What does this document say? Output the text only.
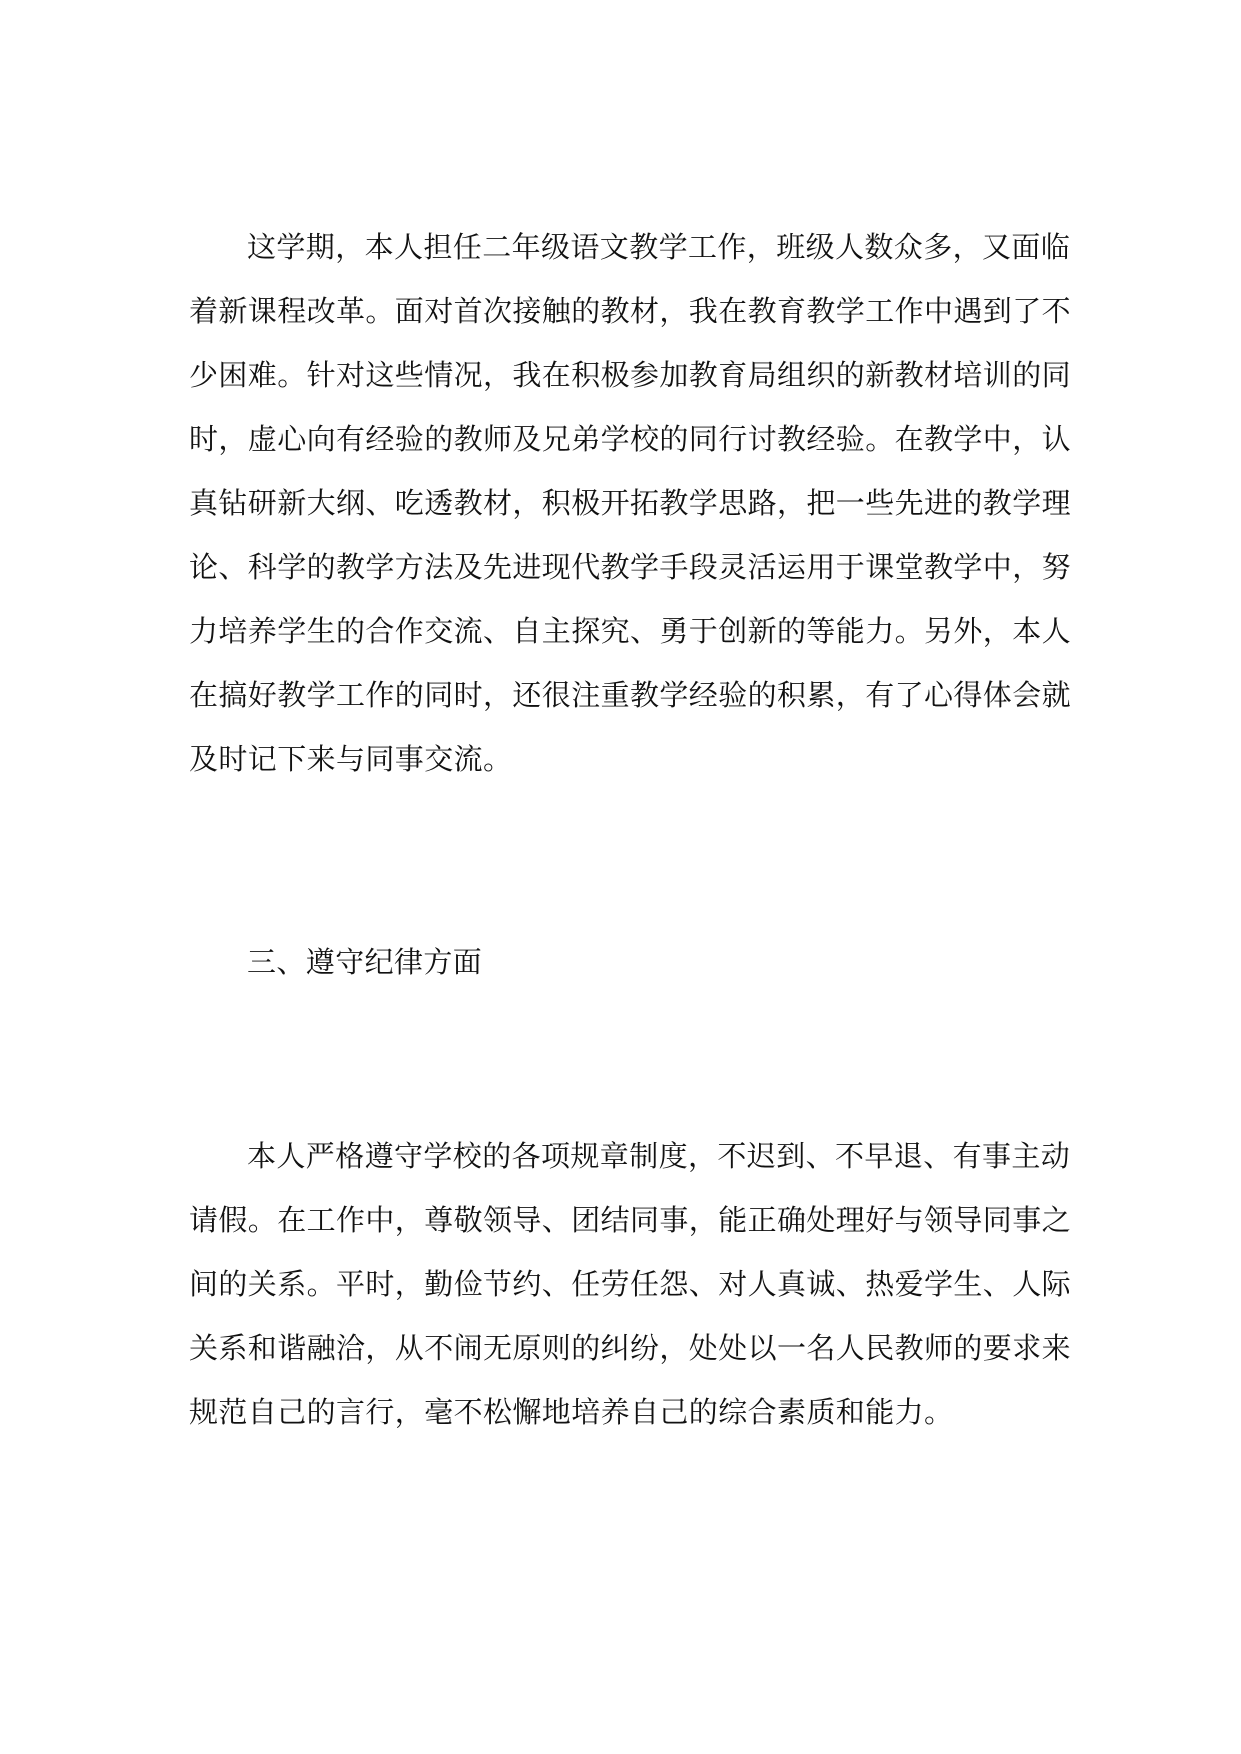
这学期，本人担任二年级语文教学工作，班级人数众多，又面临
着新课程改革。面对首次接触的教材，我在教育教学工作中遇到了不
少困难。针对这些情况，我在积极参加教育局组织的新教材培训的同
时，虚心向有经验的教师及兄弟学校的同行讨教经验。在教学中，认
真钻研新大纲、吃透教材，积极开拓教学思路，把一些先进的教学理
论、科学的教学方法及先进现代教学手段灵活运用于课堂教学中，努
力培养学生的合作交流、自主探究、勇于创新的等能力。另外，本人
在搞好教学工作的同时，还很注重教学经验的积累，有了心得体会就
及时记下来与同事交流。
三、遵守纪律方面
本人严格遵守学校的各项规章制度，不迟到、不早退、有事主动
请假。在工作中，尊敬领导、团结同事，能正确处理好与领导同事之
间的关系。平时，勤俭节约、任劳任怨、对人真诚、热爱学生、人际
关系和谐融洽，从不闹无原则的纠纷，处处以一名人民教师的要求来
规范自己的言行，毫不松懈地培养自己的综合素质和能力。
